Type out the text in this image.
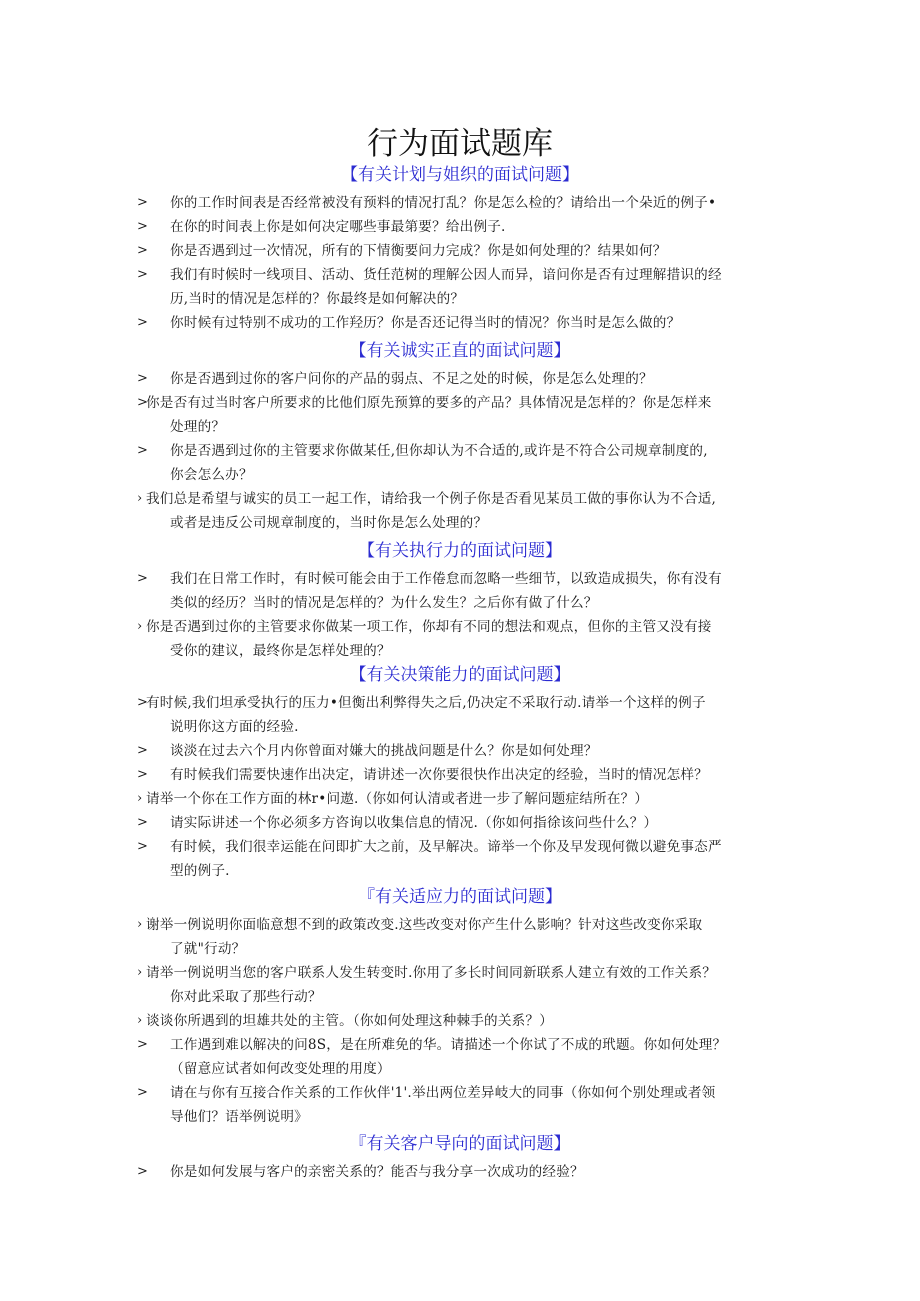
行为面试题库
【有关计划与姐织的面试问题】
> 你的工作时间表是否经常被没有预料的情况打乱？你是怎么检的？请给出一个朵近的例子•
> 在你的时间表上你是如何决定哪些事最第要？给出例子.
> 你是否遇到过一次情况，所有的下情衡要问力完成？你是如何处理的？结果如何？
> 我们有时候时一线项目、活动、货任范树的理解公因人而异，谙问你是否有过理解措识的经
历,当时的情况是怎样的？你最终是如何解决的？
> 你时候有过特别不成功的工作羟历？你是否还记得当时的情况？你当时是怎么做的？
【有关诚实正直的面试问题】
> 你是否遇到过你的客户问你的产品的弱点、不足之处的时候，你是怎么处理的？
>
你是否有过当时客户所要求的比他们原先预算的要多的产品？具体情况是怎样的？你是怎样来
处理的？
> 你是否遇到过你的主管要求你做某任,但你却认为不合适的,或许是不符合公司规章制度的,
你会怎么办？
› 我们总是希望与诚实的员工一起工作，请给我一个例子你是否看见某员工做的事你认为不合适,
或者是违反公司规章制度的，当时你是怎么处理的？
【有关执行力的面试问题】
> 我们在日常工作时，有时候可能会由于工作倦怠而忽略一些细节，以致造成损失，你有没有
类似的经历？当时的情况是怎样的？为什么发生？之后你有做了什么？
› 你是否遇到过你的主管要求你做某一项工作，你却有不同的想法和观点，但你的主管又没有接
受你的建议，最终你是怎样处理的？
【有关决策能力的面试问题】
>
有时候,我们坦承受执行的压力•但衡出利弊得失之后,仍决定不采取行动.请举一个这样的例子
说明你这方面的经验.
> 谈淡在过去六个月内你曾面对嫌大的挑战问题是什么？你是如何处理？
> 有时候我们需要快速作出决定，请讲述一次你要很快作出决定的经验，当时的情况怎样？
› 请举一个你在工作方面的林r•问遨.（你如何认清或者进一步了解问题症结所在？）
> 请实际讲述一个你必须多方咨询以收集信息的情况.（你如何指徐该问些什么？）
> 有时候，我们很幸运能在问即扩大之前，及早解决。谛举一个你及早发现何微以避免事态严
型的例子.
『有关适应力的面试问题】
› 谢举一例说明你面临意想不到的政策改变.这些改变对你产生什么影响？针对这些改变你采取
了就"行动？
› 请举一例说明当您的客户联系人发生转变时.你用了多长时间同新联系人建立有效的工作关系？
你对此采取了那些行动？
› 谈谈你所遇到的坦雄共处的主管。（你如何处理这种棘手的关系？）
> 工作遇到难以解决的问8S，是在所难免的华。请描述一个你试了不成的玳题。你如何处理？
（留意应试者如何改变处理的用度）
> 请在与你有互接合作关系的工作伙伴'1'.举出两位差异岐大的同事（你如何个别处理或者领
导他们？语举例说明》
『有关客户导向的面试问题】
> 你是如何发展与客户的亲密关系的？能否与我分享一次成功的经验？
